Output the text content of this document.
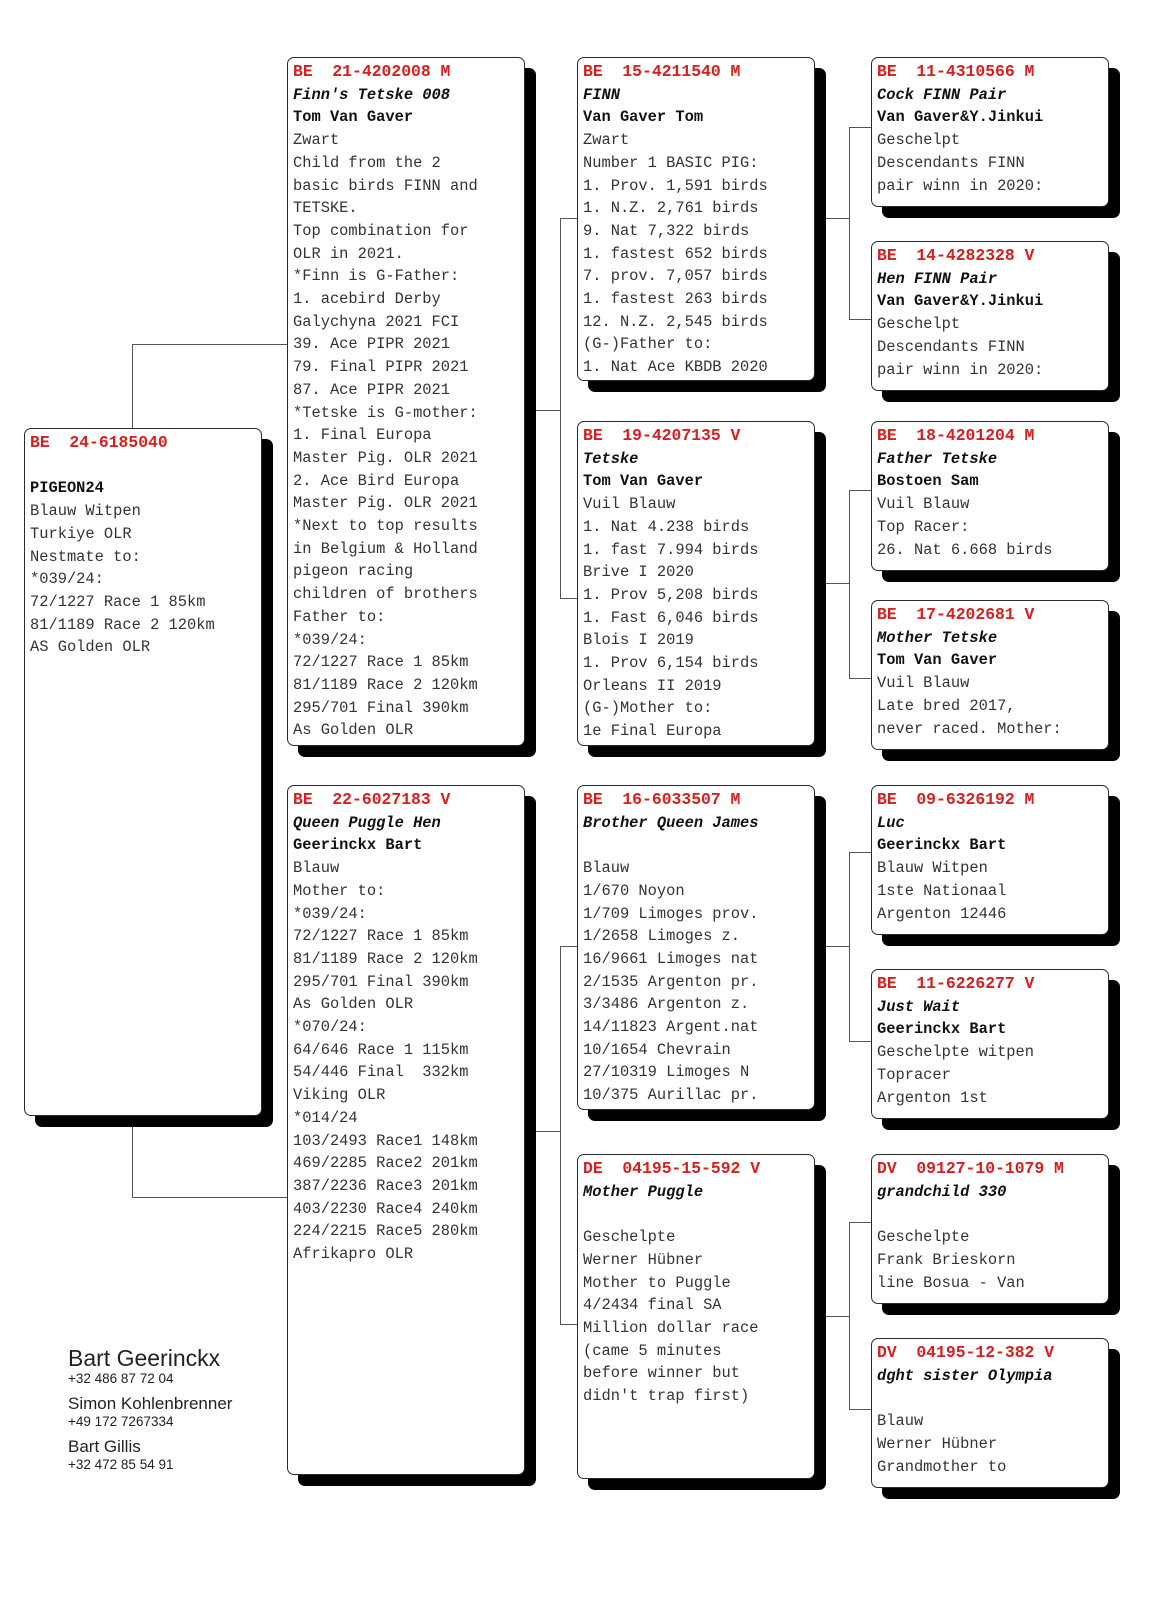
BE  24-6185040
PIGEON24
Blauw Witpen
Turkiye OLR
Nestmate to:
*039/24:
72/1227 Race 1 85km
81/1189 Race 2 120km
AS Golden OLR
BE  21-4202008 M
Finn's Tetske 008
Tom Van Gaver
Zwart
Child from the 2
basic birds FINN and
TETSKE.
Top combination for
OLR in 2021.
*Finn is G-Father:
1. acebird Derby
Galychyna 2021 FCI
39. Ace PIPR 2021
79. Final PIPR 2021
87. Ace PIPR 2021
*Tetske is G-mother:
1. Final Europa
Master Pig. OLR 2021
2. Ace Bird Europa
Master Pig. OLR 2021
*Next to top results
in Belgium & Holland
pigeon racing
children of brothers
Father to:
*039/24:
72/1227 Race 1 85km
81/1189 Race 2 120km
295/701 Final 390km
As Golden OLR
BE  22-6027183 V
Queen Puggle Hen
Geerinckx Bart
Blauw
Mother to:
*039/24:
72/1227 Race 1 85km
81/1189 Race 2 120km
295/701 Final 390km
As Golden OLR
*070/24:
64/646 Race 1 115km
54/446 Final  332km
Viking OLR
*014/24
103/2493 Race1 148km
469/2285 Race2 201km
387/2236 Race3 201km
403/2230 Race4 240km
224/2215 Race5 280km
Afrikapro OLR
BE  15-4211540 M
FINN
Van Gaver Tom
Zwart
Number 1 BASIC PIG:
1. Prov. 1,591 birds
1. N.Z. 2,761 birds
9. Nat 7,322 birds
1. fastest 652 birds
7. prov. 7,057 birds
1. fastest 263 birds
12. N.Z. 2,545 birds
(G-)Father to:
1. Nat Ace KBDB 2020
BE  19-4207135 V
Tetske
Tom Van Gaver
Vuil Blauw
1. Nat 4.238 birds
1. fast 7.994 birds
Brive I 2020
1. Prov 5,208 birds
1. Fast 6,046 birds
Blois I 2019
1. Prov 6,154 birds
Orleans II 2019
(G-)Mother to:
1e Final Europa
BE  16-6033507 M
Brother Queen James
Blauw
1/670 Noyon
1/709 Limoges prov.
1/2658 Limoges z.
16/9661 Limoges nat
2/1535 Argenton pr.
3/3486 Argenton z.
14/11823 Argent.nat
10/1654 Chevrain
27/10319 Limoges N
10/375 Aurillac pr.
DE  04195-15-592 V
Mother Puggle
Geschelpte
Werner Hübner
Mother to Puggle
4/2434 final SA
Million dollar race
(came 5 minutes
before winner but
didn't trap first)
BE  11-4310566 M
Cock FINN Pair
Van Gaver&Y.Jinkui
Geschelpt
Descendants FINN
pair winn in 2020:
BE  14-4282328 V
Hen FINN Pair
Van Gaver&Y.Jinkui
Geschelpt
Descendants FINN
pair winn in 2020:
BE  18-4201204 M
Father Tetske
Bostoen Sam
Vuil Blauw
Top Racer:
26. Nat 6.668 birds
BE  17-4202681 V
Mother Tetske
Tom Van Gaver
Vuil Blauw
Late bred 2017,
never raced. Mother:
BE  09-6326192 M
Luc
Geerinckx Bart
Blauw Witpen
1ste Nationaal
Argenton 12446
BE  11-6226277 V
Just Wait
Geerinckx Bart
Geschelpte witpen
Topracer
Argenton 1st
DV  09127-10-1079 M
grandchild 330
Geschelpte
Frank Brieskorn
line Bosua - Van
DV  04195-12-382 V
dght sister Olympia
Blauw
Werner Hübner
Grandmother to
Bart Geerinckx
+32 486 87 72 04
Simon Kohlenbrenner
+49 172 7267334
Bart Gillis
+32 472 85 54 91
